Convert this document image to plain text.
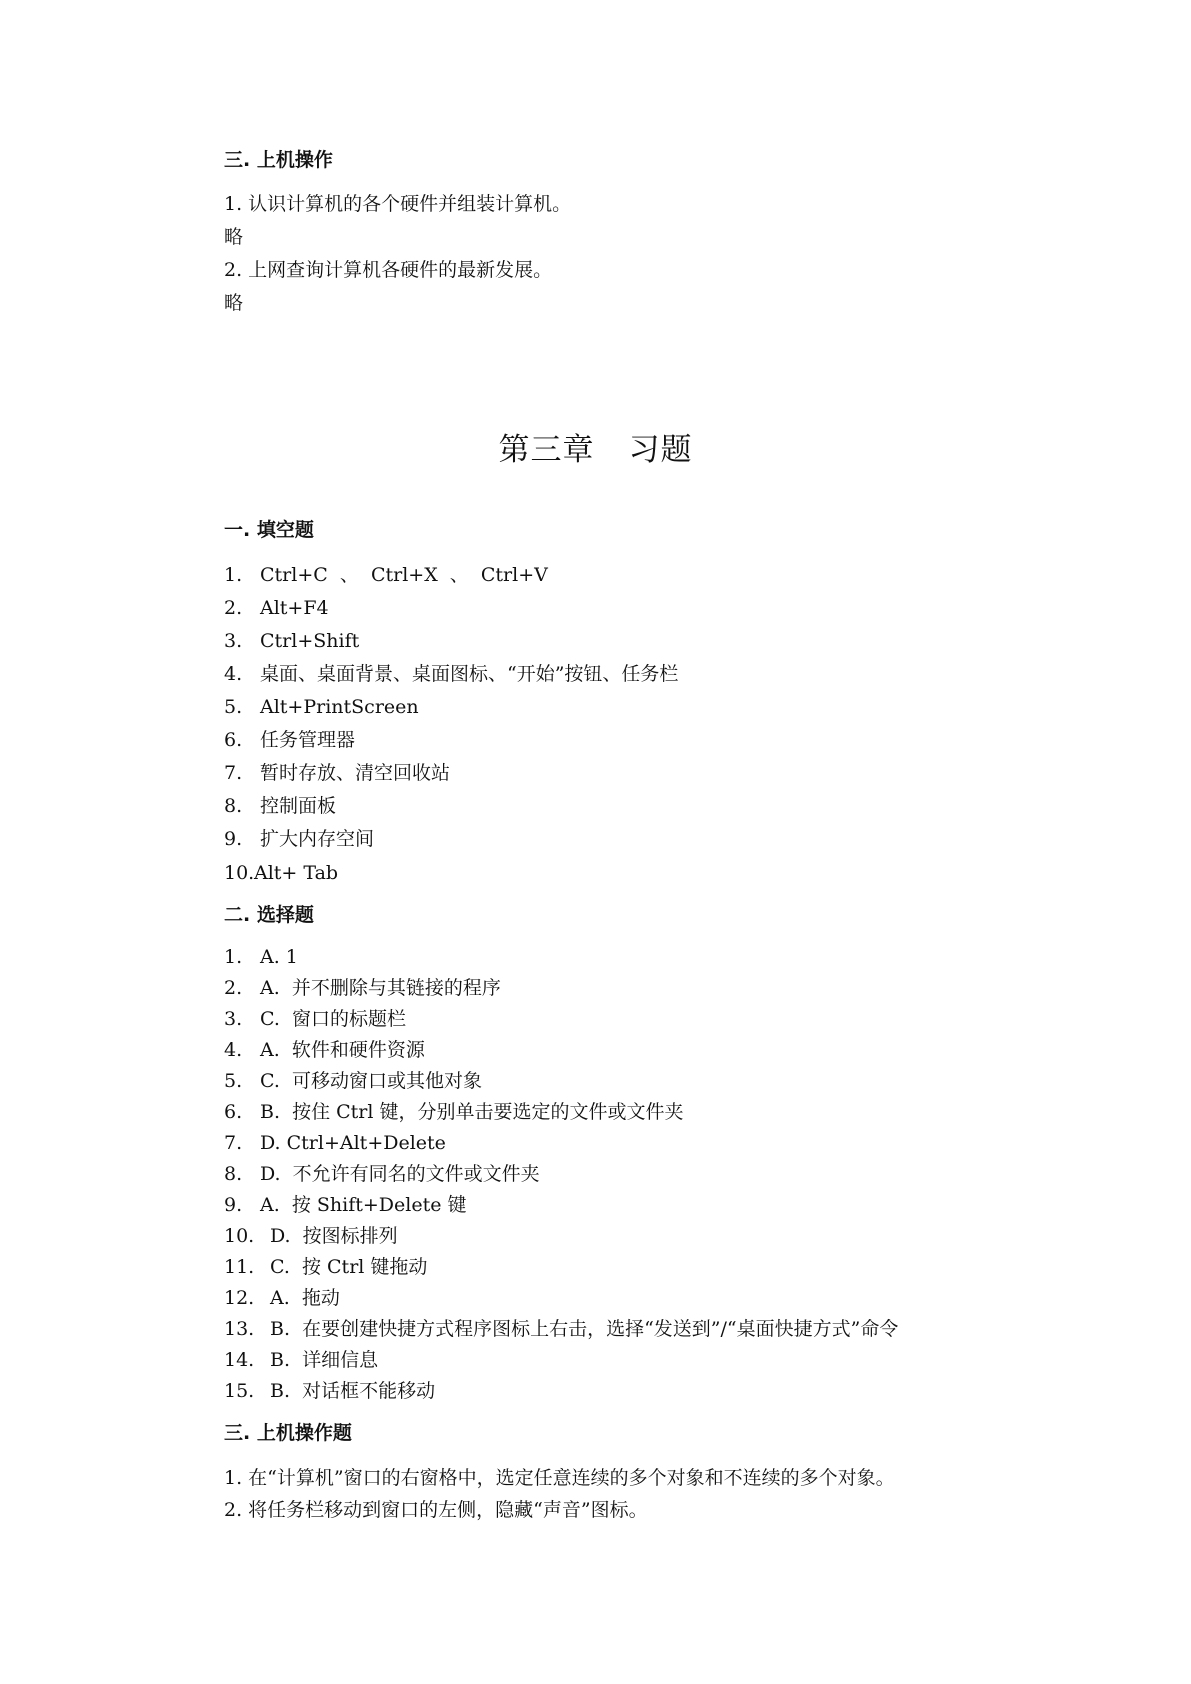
三. 上机操作

1. 认识计算机的各个硬件并组装计算机。

略

2. 上网查询计算机各硬件的最新发展。

略

第三章 习题
一. 填空题

1. Ctrl+C  、  Ctrl+X  、  Ctrl+V

2. Alt+F4

3. Ctrl+Shift

4. 桌面、桌面背景、桌面图标、“开始”按钮、任务栏

5. Alt+PrintScreen

6. 任务管理器

7. 暂时存放、清空回收站

8. 控制面板

9. 扩大内存空间

10.Alt+ Tab

二. 选择题

1. A. 1

2. A.  并不删除与其链接的程序

3. C.  窗口的标题栏

4. A.  软件和硬件资源

5. C.  可移动窗口或其他对象

6. B.  按住 Ctrl 键，分别单击要选定的文件或文件夹

7. D. Ctrl+Alt+Delete

8. D.  不允许有同名的文件或文件夹

9. A.  按 Shift+Delete 键

10. D.  按图标排列

11. C.  按 Ctrl 键拖动

12. A.  拖动

13. B.  在要创建快捷方式程序图标上右击，选择“发送到”/“桌面快捷方式”命令

14. B.  详细信息

15. B.  对话框不能移动

三. 上机操作题

1. 在“计算机”窗口的右窗格中，选定任意连续的多个对象和不连续的多个对象。

2. 将任务栏移动到窗口的左侧，隐藏“声音”图标。
